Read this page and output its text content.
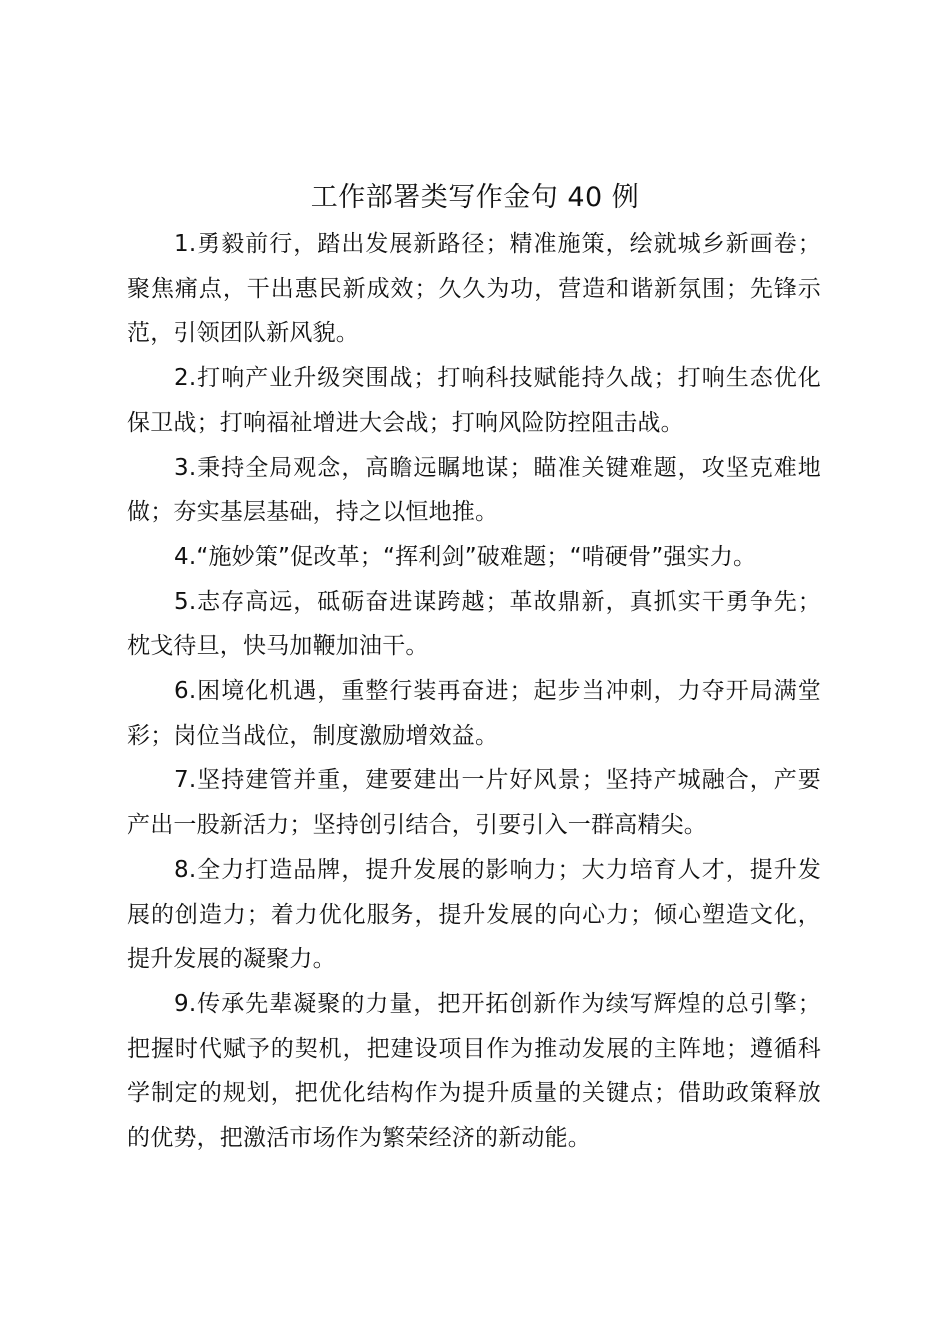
工作部署类写作金句 40 例

1.勇毅前行，踏出发展新路径；精准施策，绘就城乡新画卷；聚焦痛点，干出惠民新成效；久久为功，营造和谐新氛围；先锋示范，引领团队新风貌。

2.打响产业升级突围战；打响科技赋能持久战；打响生态优化保卫战；打响福祉增进大会战；打响风险防控阻击战。

3.秉持全局观念，高瞻远瞩地谋；瞄准关键难题，攻坚克难地做；夯实基层基础，持之以恒地推。

4.“施妙策”促改革；“挥利剑”破难题；“啃硬骨”强实力。

5.志存高远，砥砺奋进谋跨越；革故鼎新，真抓实干勇争先；枕戈待旦，快马加鞭加油干。

6.困境化机遇，重整行装再奋进；起步当冲刺，力夺开局满堂彩；岗位当战位，制度激励增效益。

7.坚持建管并重，建要建出一片好风景；坚持产城融合，产要产出一股新活力；坚持创引结合，引要引入一群高精尖。

8.全力打造品牌，提升发展的影响力；大力培育人才，提升发展的创造力；着力优化服务，提升发展的向心力；倾心塑造文化，提升发展的凝聚力。

9.传承先辈凝聚的力量，把开拓创新作为续写辉煌的总引擎；把握时代赋予的契机，把建设项目作为推动发展的主阵地；遵循科学制定的规划，把优化结构作为提升质量的关键点；借助政策释放的优势，把激活市场作为繁荣经济的新动能。
